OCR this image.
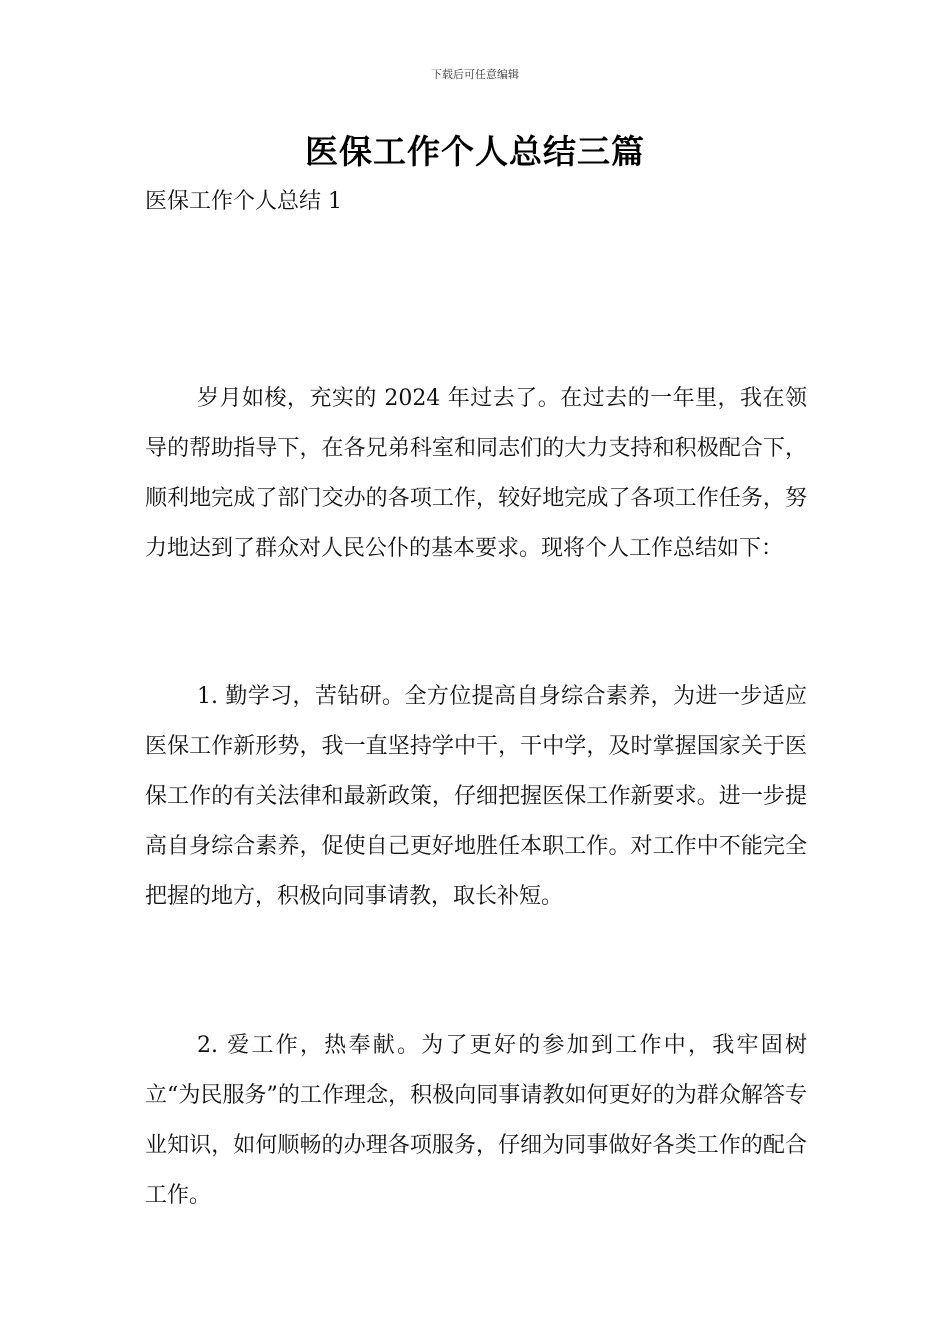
下载后可任意编辑
医保工作个人总结三篇
医保工作个人总结 1
岁月如梭，充实的 2024 年过去了。在过去的一年里，我在领导的帮助指导下，在各兄弟科室和同志们的大力支持和积极配合下，顺利地完成了部门交办的各项工作，较好地完成了各项工作任务，努力地达到了群众对人民公仆的基本要求。现将个人工作总结如下：
1. 勤学习，苦钻研。全方位提高自身综合素养，为进一步适应医保工作新形势，我一直坚持学中干，干中学，及时掌握国家关于医保工作的有关法律和最新政策，仔细把握医保工作新要求。进一步提高自身综合素养，促使自己更好地胜任本职工作。对工作中不能完全把握的地方，积极向同事请教，取长补短。
2. 爱工作，热奉献。为了更好的参加到工作中，我牢固树立“为民服务”的工作理念，积极向同事请教如何更好的为群众解答专业知识，如何顺畅的办理各项服务，仔细为同事做好各类工作的配合工作。
